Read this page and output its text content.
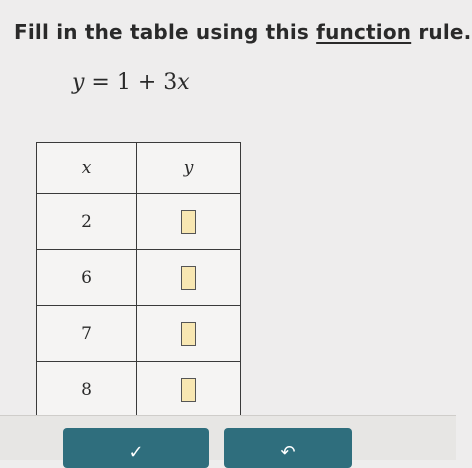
Fill in the table using this function rule.
y = 1 + 3x
x	y
2	
6	
7	
8	
✓	↶
